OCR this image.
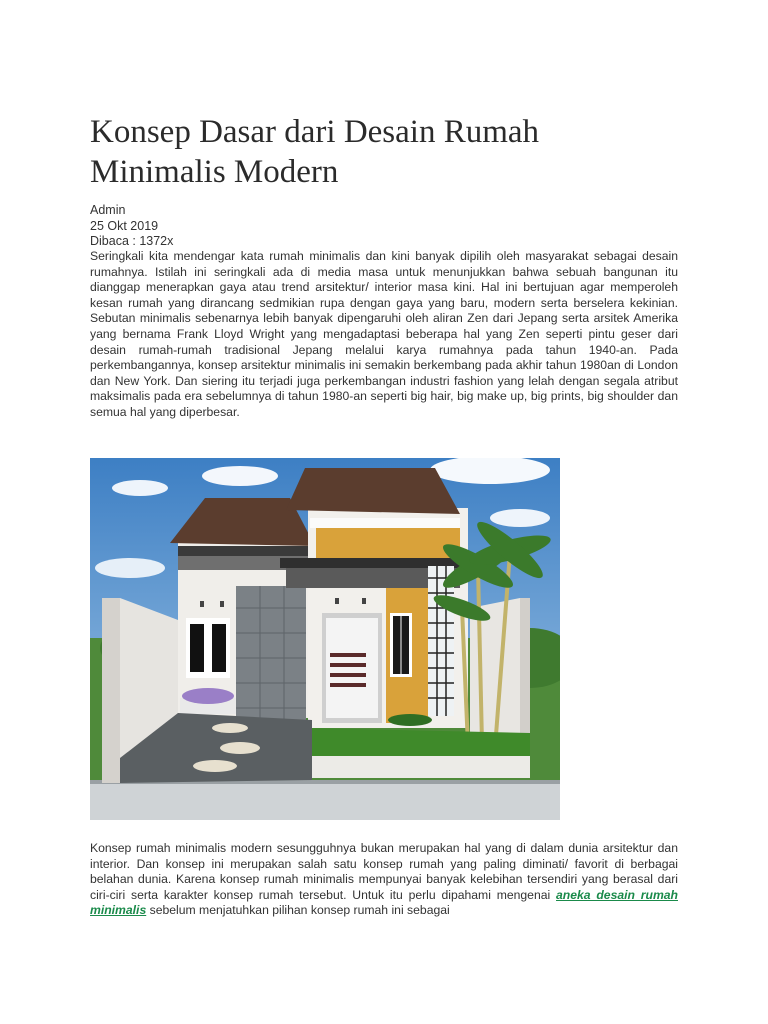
Konsep Dasar dari Desain Rumah Minimalis Modern
Admin
25 Okt 2019
Dibaca : 1372x

Seringkali kita mendengar kata rumah minimalis dan kini banyak dipilih oleh masyarakat sebagai desain rumahnya. Istilah ini seringkali ada di media masa untuk menunjukkan bahwa sebuah bangunan itu dianggap menerapkan gaya atau trend arsitektur/ interior masa kini. Hal ini bertujuan agar memperoleh kesan rumah yang dirancang sedmikian rupa dengan gaya yang baru, modern serta berselera kekinian. Sebutan minimalis sebenarnya lebih banyak dipengaruhi oleh aliran Zen dari Jepang serta arsitek Amerika yang bernama Frank Lloyd Wright yang mengadaptasi beberapa hal yang Zen seperti pintu geser dari desain rumah-rumah tradisional Jepang melalui karya rumahnya pada tahun 1940-an. Pada perkembangannya, konsep arsitektur minimalis ini semakin berkembang pada akhir tahun 1980an di London dan New York. Dan siering itu terjadi juga perkembangan industri fashion yang lelah dengan segala atribut maksimalis pada era sebelumnya di tahun 1980-an seperti big hair, big make up, big prints, big shoulder dan semua hal yang diperbesar.

Konsep rumah minimalis modern sesungguhnya bukan merupakan hal yang di dalam dunia arsitektur dan interior. Dan konsep ini merupakan salah satu konsep rumah yang paling diminati/ favorit di berbagai belahan dunia. Karena konsep rumah minimalis mempunyai banyak kelebihan tersendiri yang berasal dari ciri-ciri serta karakter konsep rumah tersebut. Untuk itu perlu dipahami mengenai aneka desain rumah minimalis sebelum menjatuhkan pilihan konsep rumah ini sebagai
